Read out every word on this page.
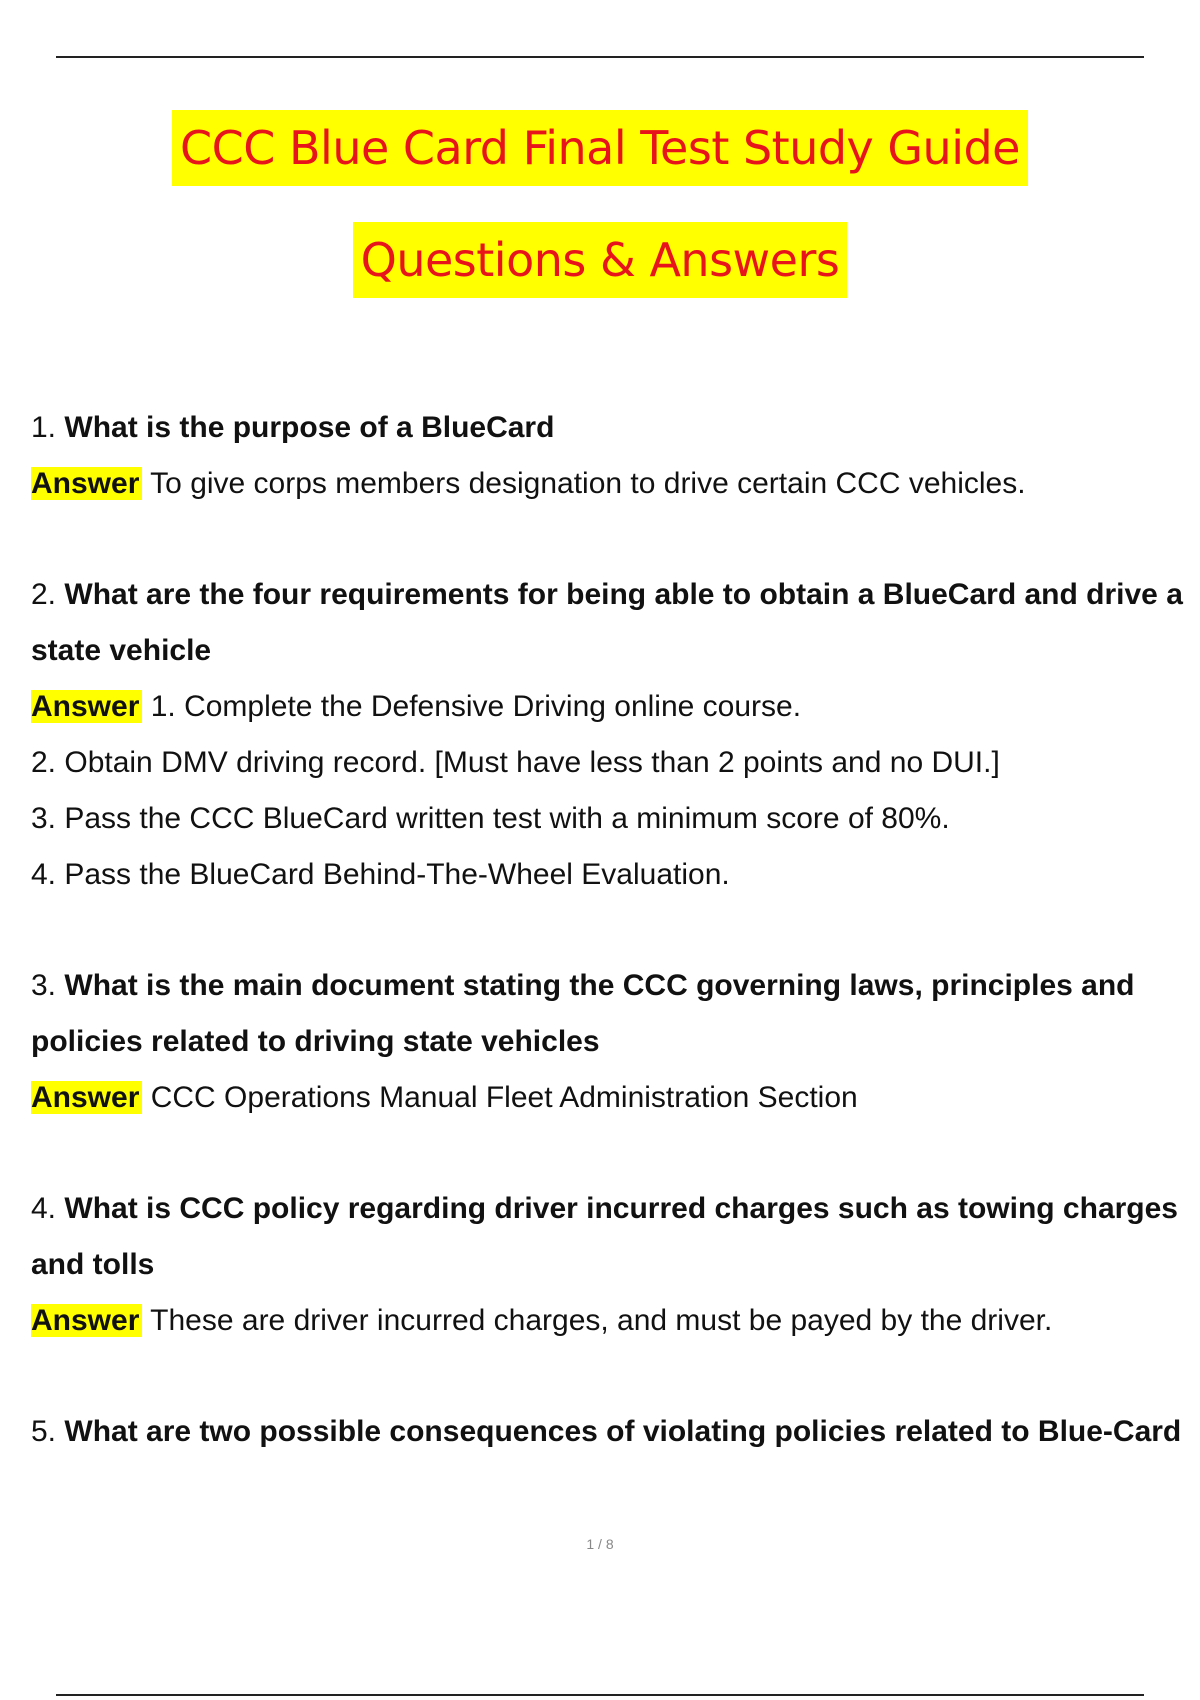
CCC Blue Card Final Test Study Guide
Questions & Answers
1. What is the purpose of a BlueCard
Answer To give corps members designation to drive certain CCC vehicles.
2. What are the four requirements for being able to obtain a BlueCard and drive a state vehicle
Answer 1. Complete the Defensive Driving online course.
2. Obtain DMV driving record. [Must have less than 2 points and no DUI.]
3. Pass the CCC BlueCard written test with a minimum score of 80%.
4. Pass the BlueCard Behind-The-Wheel Evaluation.
3. What is the main document stating the CCC governing laws, principles and policies related to driving state vehicles
Answer CCC Operations Manual Fleet Administration Section
4. What is CCC policy regarding driver incurred charges such as towing charges and tolls
Answer These are driver incurred charges, and must be payed by the driver.
5. What are two possible consequences of violating policies related to Blue-Card
1 / 8
